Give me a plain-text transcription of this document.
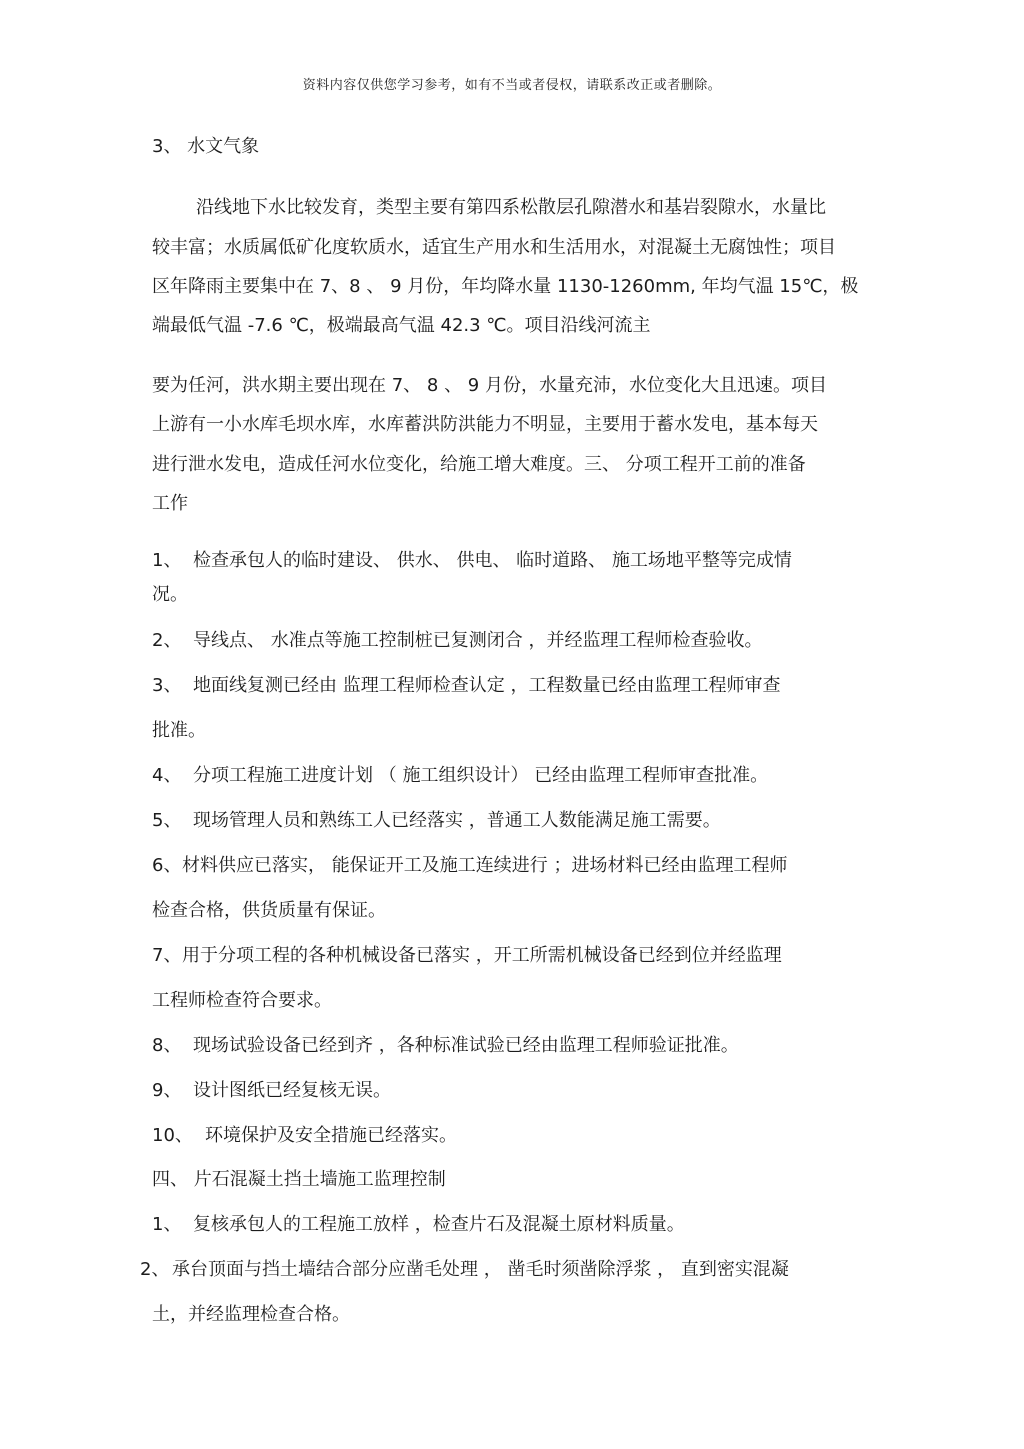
资料内容仅供您学习参考，如有不当或者侵权，请联系改正或者删除。
3、 水文气象
沿线地下水比较发育，类型主要有第四系松散层孔隙潜水和基岩裂隙水，水量比
较丰富；水质属低矿化度软质水，适宜生产用水和生活用水，对混凝土无腐蚀性；项目
区年降雨主要集中在 7、8 、 9 月份，年均降水量 1130-1260mm, 年均气温 15℃，极
端最低气温 -7.6 ℃，极端最高气温 42.3 ℃。项目沿线河流主
要为任河，洪水期主要出现在 7、 8 、 9 月份，水量充沛，水位变化大且迅速。项目
上游有一小水库毛坝水库，水库蓄洪防洪能力不明显，主要用于蓄水发电，基本每天
进行泄水发电，造成任河水位变化，给施工增大难度。三、 分项工程开工前的准备
工作
1、 检查承包人的临时建设、 供水、 供电、 临时道路、 施工场地平整等完成情
况。
2、 导线点、 水准点等施工控制桩已复测闭合 ，并经监理工程师检查验收。
3、 地面线复测已经由 监理工程师检查认定 ，工程数量已经由监理工程师审查
批准。
4、 分项工程施工进度计划 （ 施工组织设计） 已经由监理工程师审查批准。
5、 现场管理人员和熟练工人已经落实 ，普通工人数能满足施工需要。
6、 材料供应已落实， 能保证开工及施工连续进行 ；进场材料已经由监理工程师
检查合格，供货质量有保证。
7、 用于分项工程的各种机械设备已落实 ，开工所需机械设备已经到位并经监理
工程师检查符合要求。
8、 现场试验设备已经到齐 ，各种标准试验已经由监理工程师验证批准。
9、 设计图纸已经复核无误。
10、 环境保护及安全措施已经落实。
四、 片石混凝土挡土墙施工监理控制
1、 复核承包人的工程施工放样 ，检查片石及混凝土原材料质量。
2、 承台顶面与挡土墙结合部分应凿毛处理 ， 凿毛时须凿除浮浆 ， 直到密实混凝
土，并经监理检查合格。
